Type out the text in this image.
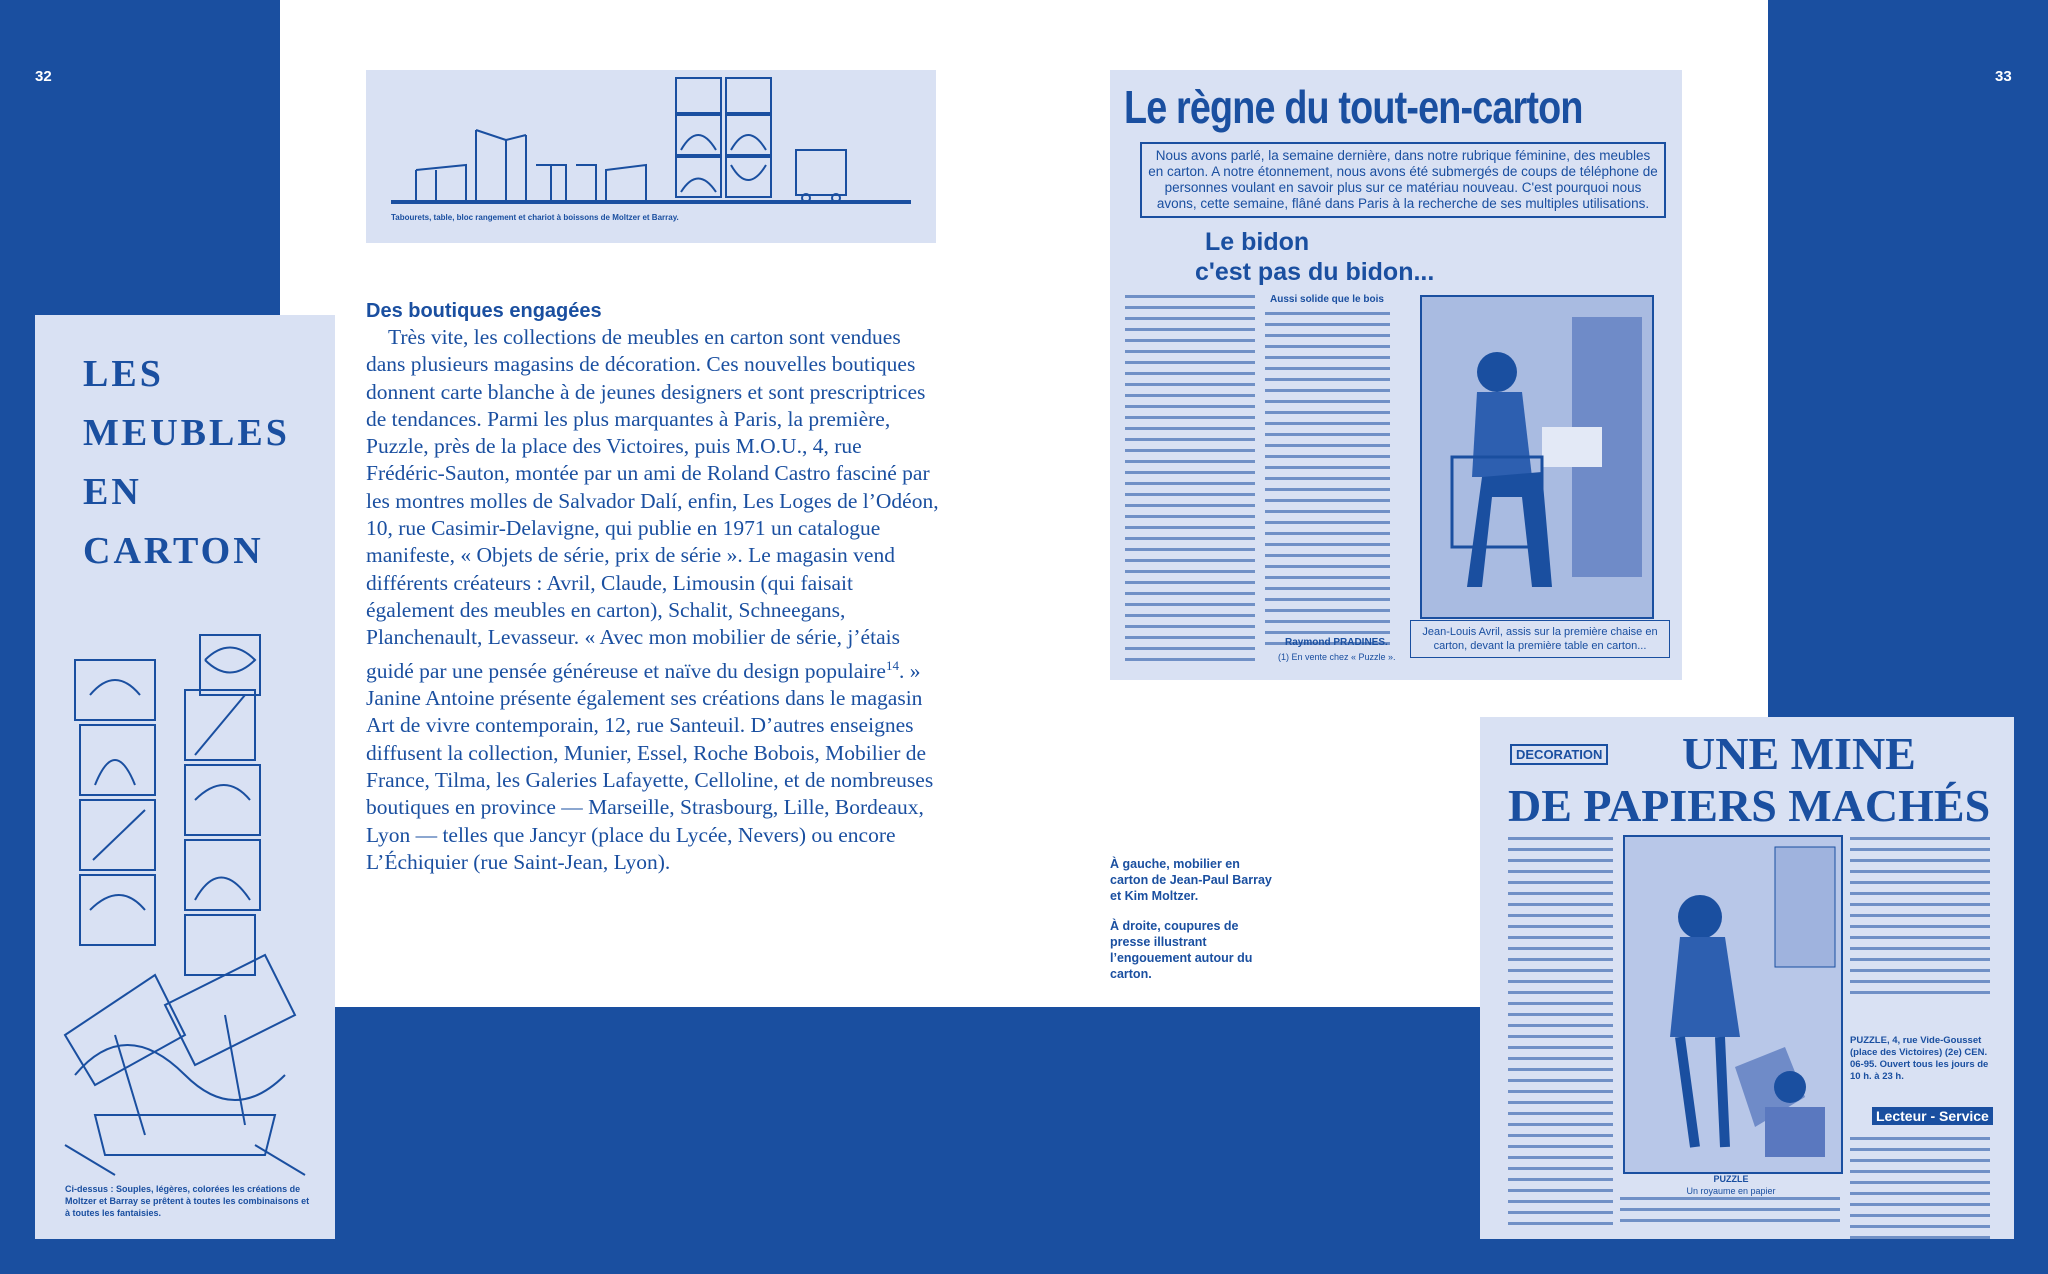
32	33
LES
MEUBLES
EN
CARTON
Ci-dessus : Souples, légères, colorées les créations de Moltzer et Barray se prêtent à toutes les combinaisons et à toutes les fantaisies.
Tabourets, table, bloc rangement et chariot à boissons de Moltzer et Barray.
Des boutiques engagées

Très vite, les collections de meubles en carton sont vendues dans plusieurs magasins de décoration. Ces nouvelles boutiques donnent carte blanche à de jeunes designers et sont prescriptrices de tendances. Parmi les plus marquantes à Paris, la première, Puzzle, près de la place des Victoires, puis M.O.U., 4, rue Frédéric-Sauton, montée par un ami de Roland Castro fasciné par les montres molles de Salvador Dalí, enfin, Les Loges de l’Odéon, 10, rue Casimir-Delavigne, qui publie en 1971 un catalogue manifeste, « Objets de série, prix de série ». Le magasin vend différents créateurs : Avril, Claude, Limousin (qui faisait également des meubles en carton), Schalit, Schneegans, Planchenault, Levasseur. « Avec mon mobilier de série, j’étais guidé par une pensée généreuse et naïve du design populaire$^{14}$. » Janine Antoine présente également ses créations dans le magasin Art de vivre contemporain, 12, rue Santeuil. D’autres enseignes diffusent la collection, Munier, Essel, Roche Bobois, Mobilier de France, Tilma, les Galeries Lafayette, Celloline, et de nombreuses boutiques en province — Marseille, Strasbourg, Lille, Bordeaux, Lyon — telles que Jancyr (place du Lycée, Nevers) ou encore L’Échiquier (rue Saint-Jean, Lyon).	À gauche, mobilier en carton de Jean-Paul Barray et Kim Moltzer.

À droite, coupures de presse illustrant l’engouement autour du carton.

Le règne du tout-en-carton
Nous avons parlé, la semaine dernière, dans notre rubrique féminine, des meubles en carton. A notre étonnement, nous avons été submergés de coups de téléphone de personnes voulant en savoir plus sur ce matériau nouveau. C'est pourquoi nous avons, cette semaine, flâné dans Paris à la recherche de ses multiples utilisations.
Le bidon
c'est pas du bidon...
Aussi solide que le bois
Raymond PRADINES.
(1) En vente chez « Puzzle ».
Jean-Louis Avril, assis sur la première chaise en carton, devant la première table en carton...
DECORATION UNE MINE
DE PAPIERS MACHÉS
PUZZLE
Un royaume en papier
PUZZLE, 4, rue Vide-Gousset (place des Victoires) (2e) CEN. 06-95. Ouvert tous les jours de 10 h. à 23 h.
Lecteur - Service
